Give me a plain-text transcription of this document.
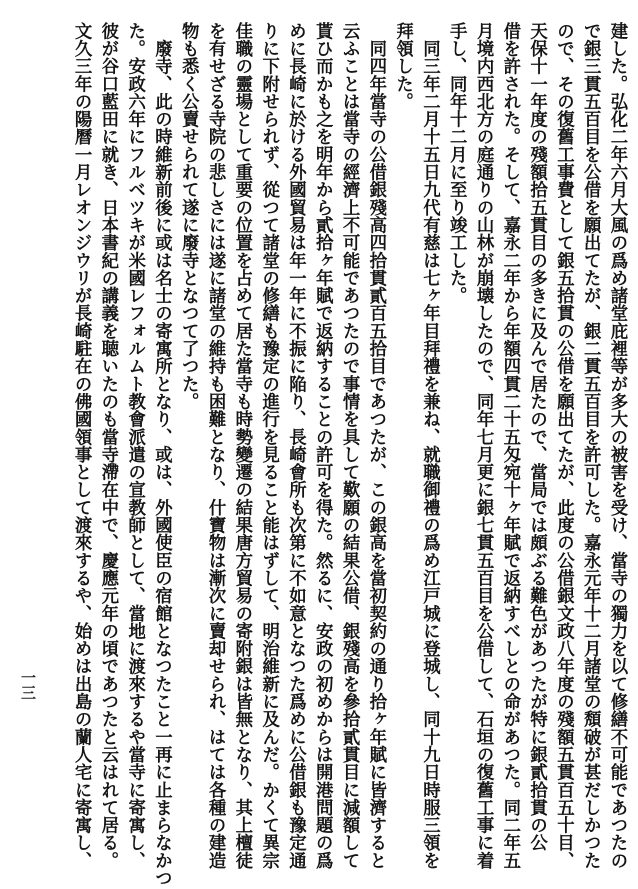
建した。弘化二年六月大風の爲め諸堂庇裡等が多大の被害を受け、當寺の獨力を以て修繕不可能であつたの
で銀三貫五百目を公借を願出てたが、銀二貫五百目を許可した。嘉永元年十二月諸堂の頽破が甚だしかつた
ので、その復舊工事費として銀五拾貫の公借を願出てたが、此度の公借銀文政八年度の殘額五貫百五十目、
天保十一年度の殘額拾五貫目の多きに及んで居たので、當局では頗ぶる難色があつたが特に銀貳拾貫の公
借を許された。そして、嘉永二年から年額四貫二十五匁宛十ヶ年賦で返納すべしとの命があつた。同二年五
月境内西北方の庭通りの山林が崩壊したので、同年七月更に銀七貫五百目を公借して、石垣の復舊工事に着
手し、同年十二月に至り竣工した。
　同三年二月十五日九代有慈は七ヶ年目拜禮を兼ね、就職御禮の爲め江戸城に登城し、同十九日時服三領を
拜領した。
　同四年當寺の公借銀殘高四拾貫貳百五拾目であつたが、この銀高を當初契約の通り拾ヶ年賦に皆濟すると
云ふことは當寺の經濟上不可能であつたので事情を具して歎願の結果公借、銀殘高を參拾貳貫目に減額して
貰ひ而かも之を明年から貳拾ヶ年賦で返納することの許可を得た。然るに、安政の初めからは開港問題の爲
めに長崎に於ける外國貿易は年一年に不振に陥り、長崎會所も次第に不如意となつた爲めに公借銀も豫定通
りに下附せられず、從つて諸堂の修繕も豫定の進行を見ること能はずして、明治維新に及んだ。かくて異宗
佳職の靈場として重要の位置を占めて居た當寺も時勢變遷の結果唐方貿易の寄附銀は皆無となり、其上檀徒
を有せざる寺院の悲しさには遂に諸堂の維持も困難となり、什寶物は漸次に賣却せられ、はては各種の建造
物も悉く公賣せられて遂に廢寺となつて了つた。
　廢寺、此の時維新前後に或は名士の寄寓所となり、或は、外國使臣の宿館となつたこと一再に止まらなかつ
た。安政六年にフルベツキが米國レフォルムト教會派遣の宣教師として、當地に渡來するや當寺に寄寓し、
彼が谷口藍田に就き、日本書紀の講義を聴いたのも當寺滯在中で、慶應元年の頃であつたと云はれて居る。
文久三年の陽曆一月レオンジウリが長崎駐在の佛國領事として渡來するや、始めは出島の蘭人宅に寄寓し、
一三
